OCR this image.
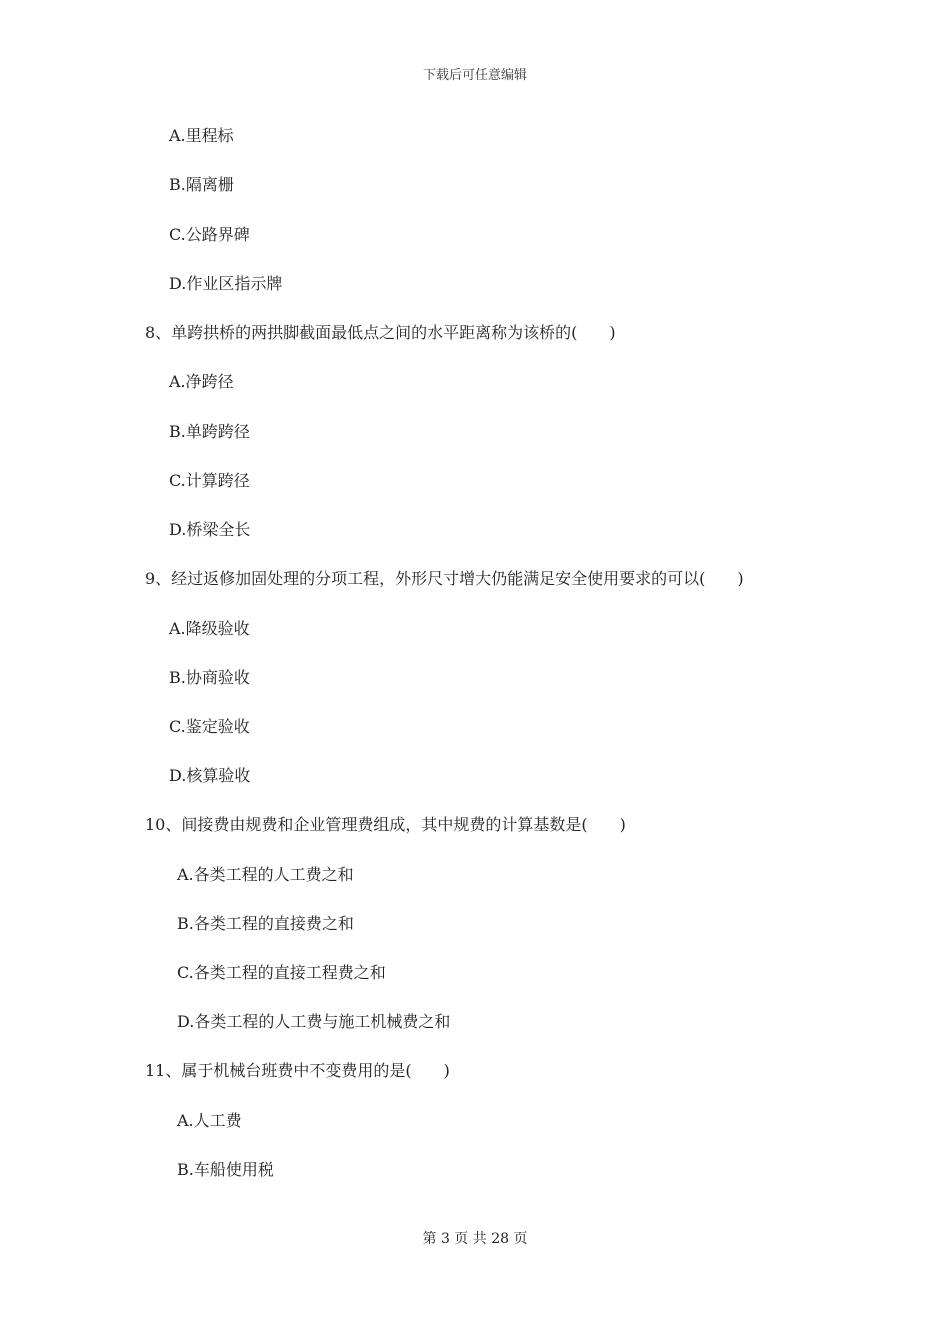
下载后可任意编辑
A.里程标
B.隔离栅
C.公路界碑
D.作业区指示牌
8、单跨拱桥的两拱脚截面最低点之间的水平距离称为该桥的(　　)
A.净跨径
B.单跨跨径
C.计算跨径
D.桥梁全长
9、经过返修加固处理的分项工程，外形尺寸增大仍能满足安全使用要求的可以(　　)
A.降级验收
B.协商验收
C.鉴定验收
D.核算验收
10、间接费由规费和企业管理费组成，其中规费的计算基数是(　　)
A.各类工程的人工费之和
B.各类工程的直接费之和
C.各类工程的直接工程费之和
D.各类工程的人工费与施工机械费之和
11、属于机械台班费中不变费用的是(　　)
A.人工费
B.车船使用税
第 3 页 共 28 页
